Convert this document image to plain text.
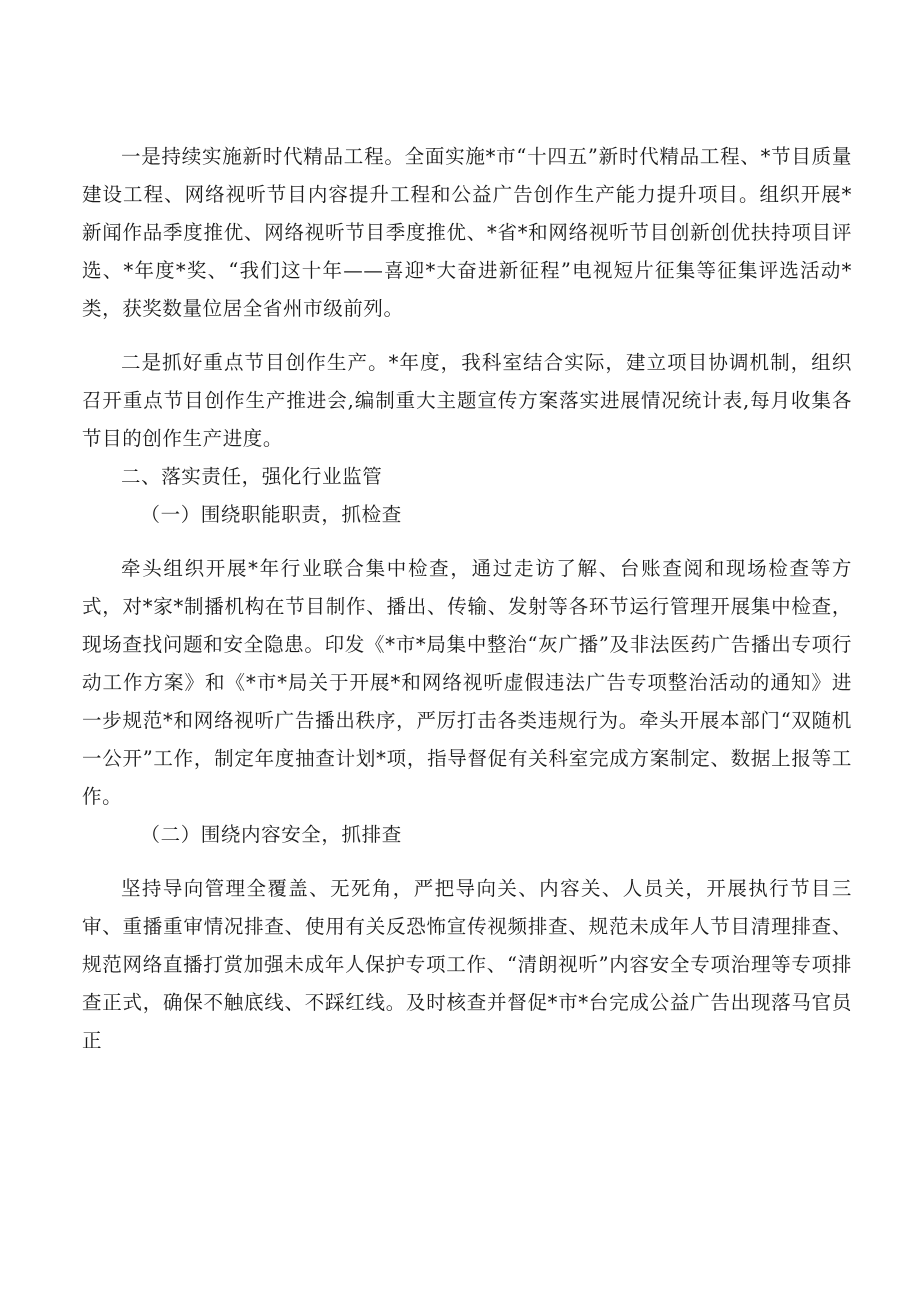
一是持续实施新时代精品工程。全面实施*市“十四五”新时代精品工程、*节目质量建设工程、网络视听节目内容提升工程和公益广告创作生产能力提升项目。组织开展*新闻作品季度推优、网络视听节目季度推优、*省*和网络视听节目创新创优扶持项目评选、*年度*奖、“我们这十年——喜迎*大奋进新征程”电视短片征集等征集评选活动*类，获奖数量位居全省州市级前列。

二是抓好重点节目创作生产。*年度，我科室结合实际，建立项目协调机制，组织召开重点节目创作生产推进会,编制重大主题宣传方案落实进展情况统计表,每月收集各节目的创作生产进度。

二、落实责任，强化行业监管

（一）围绕职能职责，抓检查

牵头组织开展*年行业联合集中检查，通过走访了解、台账查阅和现场检查等方式，对*家*制播机构在节目制作、播出、传输、发射等各环节运行管理开展集中检查，现场查找问题和安全隐患。印发《*市*局集中整治“灰广播”及非法医药广告播出专项行动工作方案》和《*市*局关于开展*和网络视听虚假违法广告专项整治活动的通知》进一步规范*和网络视听广告播出秩序，严厉打击各类违规行为。牵头开展本部门“双随机一公开”工作，制定年度抽查计划*项，指导督促有关科室完成方案制定、数据上报等工作。

（二）围绕内容安全，抓排查

坚持导向管理全覆盖、无死角，严把导向关、内容关、人员关，开展执行节目三审、重播重审情况排查、使用有关反恐怖宣传视频排查、规范未成年人节目清理排查、规范网络直播打赏加强未成年人保护专项工作、“清朗视听”内容安全专项治理等专项排查正式，确保不触底线、不踩红线。及时核查并督促*市*台完成公益广告出现落马官员正
